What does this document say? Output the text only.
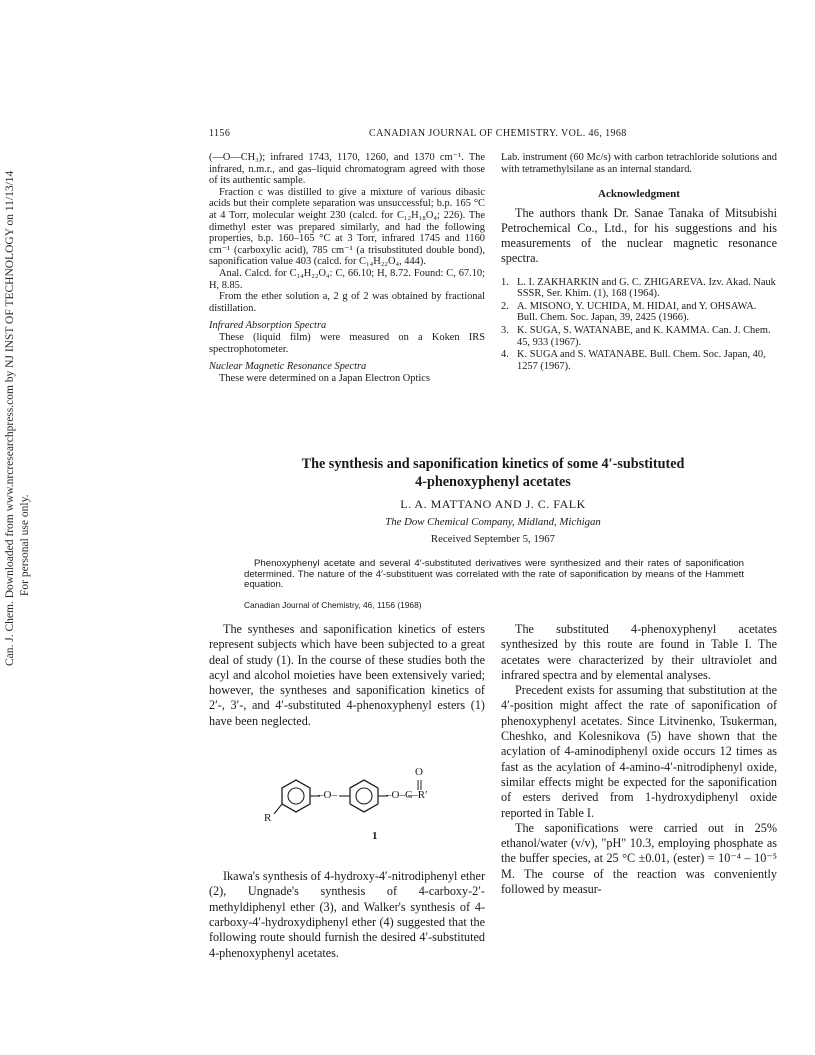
Can. J. Chem. Downloaded from www.nrcresearchpress.com by NJ INST OF TECHNOLOGY on 11/13/14 For personal use only.
1156	CANADIAN JOURNAL OF CHEMISTRY. VOL. 46, 1968

(—O—CH₃); infrared 1743, 1170, 1260, and 1370 cm⁻¹. The infrared, n.m.r., and gas–liquid chromatogram agreed with those of its authentic sample.

Fraction c was distilled to give a mixture of various dibasic acids but their complete separation was unsuccessful; b.p. 165 °C at 4 Torr, molecular weight 230 (calcd. for C₁₂H₁₈O₄; 226). The dimethyl ester was prepared similarly, and had the following properties, b.p. 160–165 °C at 3 Torr, infrared 1745 and 1160 cm⁻¹ (carboxylic acid), 785 cm⁻¹ (a trisubstituted double bond), saponification value 403 (calcd. for C₁₄H₂₂O₄, 444).

Anal. Calcd. for C₁₄H₂₂O₄: C, 66.10; H, 8.72. Found: C, 67.10; H, 8.85.

From the ether solution a, 2 g of 2 was obtained by fractional distillation.

Infrared Absorption Spectra

These (liquid film) were measured on a Koken IRS spectrophotometer.

Nuclear Magnetic Resonance Spectra

These were determined on a Japan Electron Optics

Lab. instrument (60 Mc/s) with carbon tetrachloride solutions and with tetramethylsilane as an internal standard.

Acknowledgment

The authors thank Dr. Sanae Tanaka of Mitsubishi Petrochemical Co., Ltd., for his suggestions and his measurements of the nuclear magnetic resonance spectra.

1. L. I. ZAKHARKIN and G. C. ZHIGAREVA. Izv. Akad. Nauk SSSR, Ser. Khim. (1), 168 (1964).

2. A. MISONO, Y. UCHIDA, M. HIDAI, and Y. OHSAWA. Bull. Chem. Soc. Japan, 39, 2425 (1966).

3. K. SUGA, S. WATANABE, and K. KAMMA. Can. J. Chem. 45, 933 (1967).

4. K. SUGA and S. WATANABE. Bull. Chem. Soc. Japan, 40, 1257 (1967).

The synthesis and saponification kinetics of some 4′-substituted
4-phenoxyphenyl acetates
L. A. MATTANO AND J. C. FALK
The Dow Chemical Company, Midland, Michigan
Received September 5, 1967

Phenoxyphenyl acetate and several 4′-substituted derivatives were synthesized and their rates of saponification determined. The nature of the 4′-substituent was correlated with the rate of saponification by means of the Hammett equation.

Canadian Journal of Chemistry, 46, 1156 (1968)

The syntheses and saponification kinetics of esters represent subjects which have been subjected to a great deal of study (1). In the course of these studies both the acyl and alcohol moieties have been extensively varied; however, the syntheses and saponification kinetics of 2′-, 3′-, and 4′-substituted 4-phenoxyphenyl esters (1) have been neglected.

Ikawa's synthesis of 4-hydroxy-4′-nitrodiphenyl ether (2), Ungnade's synthesis of 4-carboxy-2′-methyldiphenyl ether (3), and Walker's synthesis of 4-carboxy-4′-hydroxydiphenyl ether (4) suggested that the following route should furnish the desired 4′-substituted 4-phenoxyphenyl acetates.

O
–O–	–O–C–R′
R
1

The substituted 4-phenoxyphenyl acetates synthesized by this route are found in Table I. The acetates were characterized by their ultraviolet and infrared spectra and by elemental analyses.

Precedent exists for assuming that substitution at the 4′-position might affect the rate of saponification of phenoxyphenyl acetates. Since Litvinenko, Tsukerman, Cheshko, and Kolesnikova (5) have shown that the acylation of 4-aminodiphenyl oxide occurs 12 times as fast as the acylation of 4-amino-4′-nitrodiphenyl oxide, similar effects might be expected for the saponification of esters derived from 1-hydroxydiphenyl oxide reported in Table I.

The saponifications were carried out in 25% ethanol/water (v/v), "pH" 10.3, employing phosphate as the buffer species, at 25 °C ±0.01, (ester) = 10⁻⁴ – 10⁻⁵ M. The course of the reaction was conveniently followed by measur-
